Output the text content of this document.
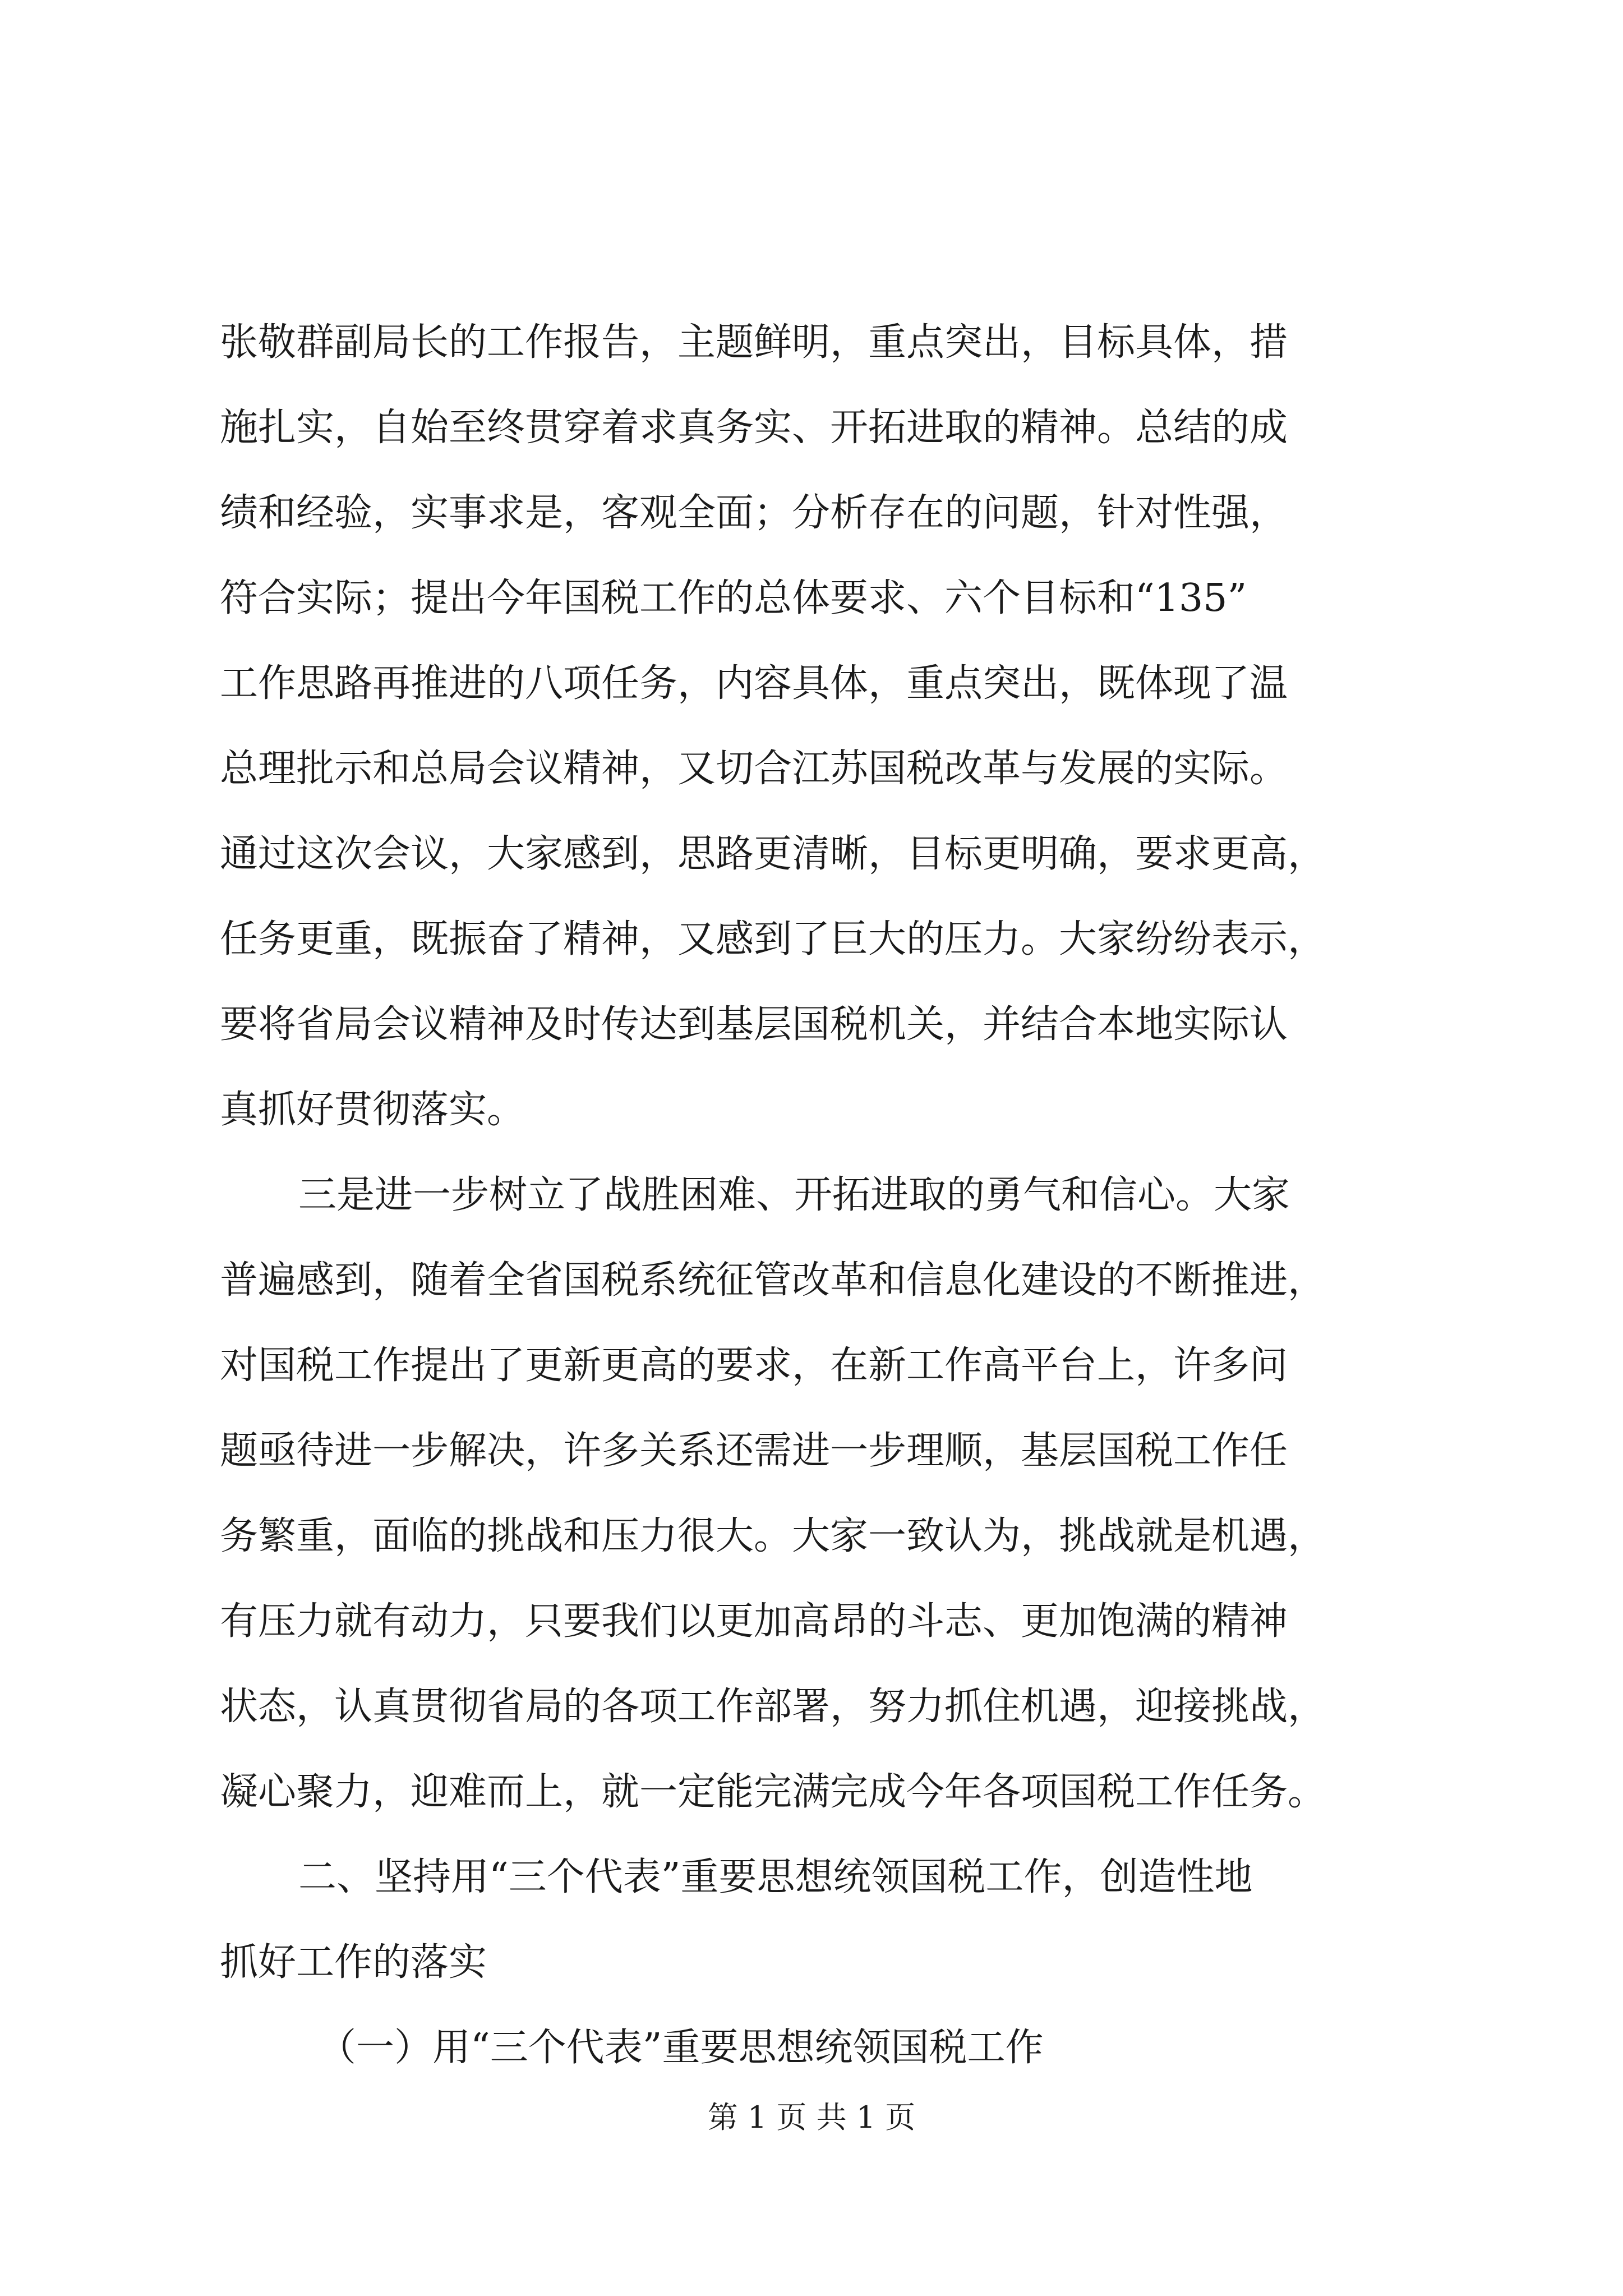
张敬群副局长的工作报告，主题鲜明，重点突出，目标具体，措
施扎实，自始至终贯穿着求真务实、开拓进取的精神。总结的成
绩和经验，实事求是，客观全面；分析存在的问题，针对性强，
符合实际；提出今年国税工作的总体要求、六个目标和“135”
工作思路再推进的八项任务，内容具体，重点突出，既体现了温
总理批示和总局会议精神，又切合江苏国税改革与发展的实际。
通过这次会议，大家感到，思路更清晰，目标更明确，要求更高，
任务更重，既振奋了精神，又感到了巨大的压力。大家纷纷表示，
要将省局会议精神及时传达到基层国税机关，并结合本地实际认
真抓好贯彻落实。
三是进一步树立了战胜困难、开拓进取的勇气和信心。大家
普遍感到，随着全省国税系统征管改革和信息化建设的不断推进，
对国税工作提出了更新更高的要求，在新工作高平台上，许多问
题亟待进一步解决，许多关系还需进一步理顺，基层国税工作任
务繁重，面临的挑战和压力很大。大家一致认为，挑战就是机遇，
有压力就有动力，只要我们以更加高昂的斗志、更加饱满的精神
状态，认真贯彻省局的各项工作部署，努力抓住机遇，迎接挑战，
凝心聚力，迎难而上，就一定能完满完成今年各项国税工作任务。
二、坚持用“三个代表”重要思想统领国税工作，创造性地
抓好工作的落实
（一）用“三个代表”重要思想统领国税工作
第 1 页 共 1 页
